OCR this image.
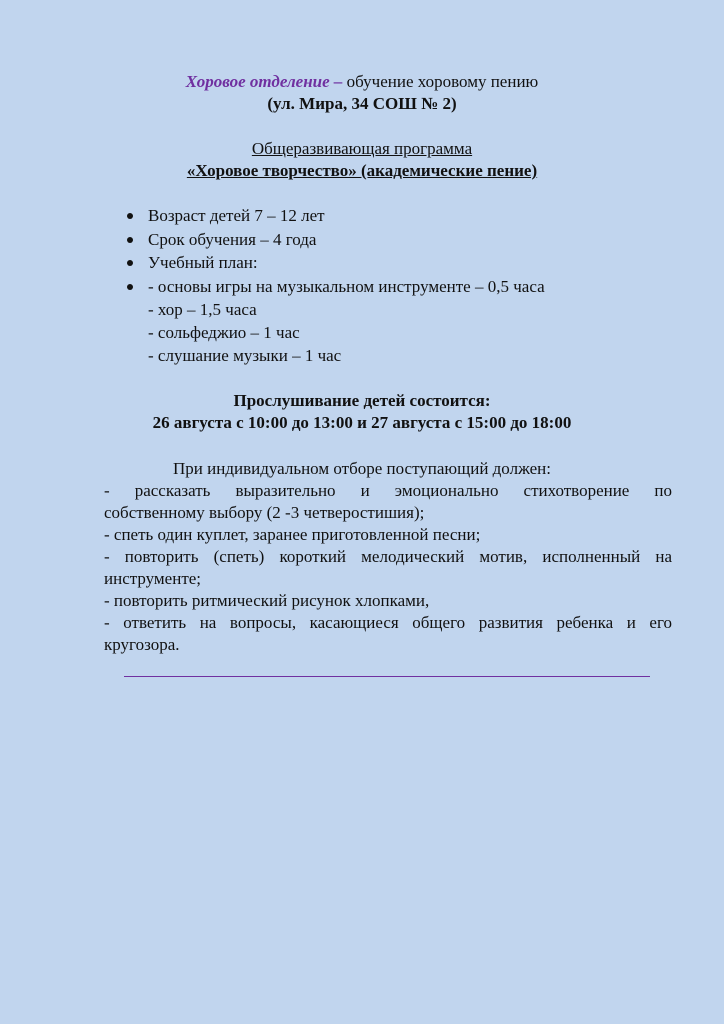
Хоровое отделение – обучение хоровому пению
(ул. Мира, 34 СОШ № 2)
Общеразвивающая программа
«Хоровое творчество» (академические пение)
Возраст детей 7 – 12 лет
Срок обучения – 4 года
Учебный план:
- основы игры на музыкальном инструменте – 0,5 часа
- хор – 1,5 часа
- сольфеджио – 1 час
- слушание музыки – 1 час
Прослушивание детей состоится:
26 августа с 10:00 до 13:00 и 27 августа с 15:00 до 18:00
При индивидуальном отборе поступающий должен:
- рассказать выразительно и эмоционально стихотворение по
собственному выбору (2 -3 четверостишия);
- спеть один куплет, заранее приготовленной песни;
- повторить (спеть) короткий мелодический мотив, исполненный на
инструменте;
- повторить ритмический рисунок хлопками,
- ответить на вопросы, касающиеся общего развития ребенка и его
кругозора.
